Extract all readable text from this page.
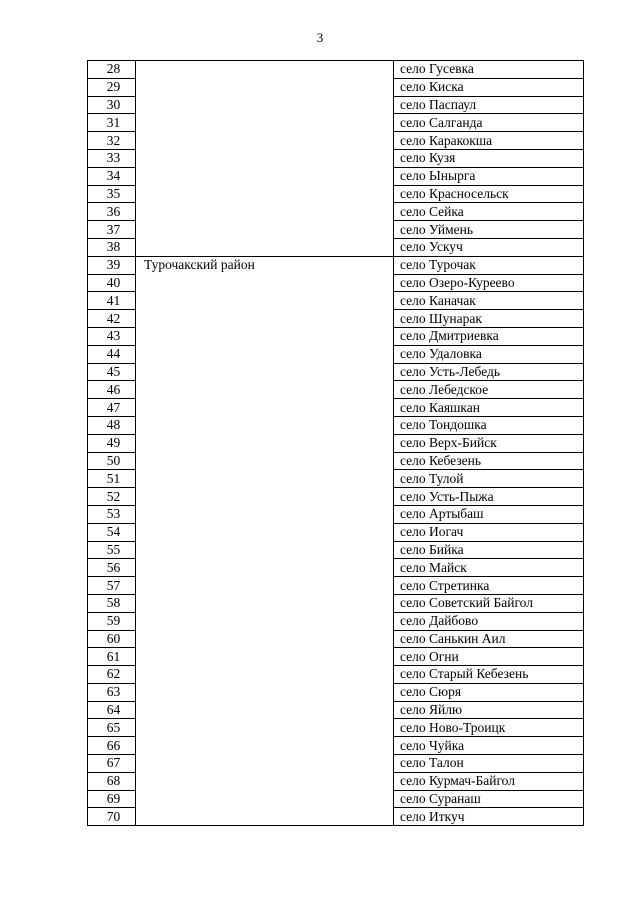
3
28		село Гусевка
29		село Киска
30		село Паспаул
31		село Салганда
32		село Каракокша
33		село Кузя
34		село Ынырга
35		село Красносельск
36		село Сейка
37		село Уймень
38		село Ускуч
39	Турочакский район	село Турочак
40		село Озеро-Куреево
41		село Каначак
42		село Шунарак
43		село Дмитриевка
44		село Удаловка
45		село Усть-Лебедь
46		село Лебедское
47		село Каяшкан
48		село Тондошка
49		село Верх-Бийск
50		село Кебезень
51		село Тулой
52		село Усть-Пыжа
53		село Артыбаш
54		село Иогач
55		село Бийка
56		село Майск
57		село Стретинка
58		село Советский Байгол
59		село Дайбово
60		село Санькин Аил
61		село Огни
62		село Старый Кебезень
63		село Сюря
64		село Яйлю
65		село Ново-Троицк
66		село Чуйка
67		село Талон
68		село Курмач-Байгол
69		село Суранаш
70		село Иткуч
